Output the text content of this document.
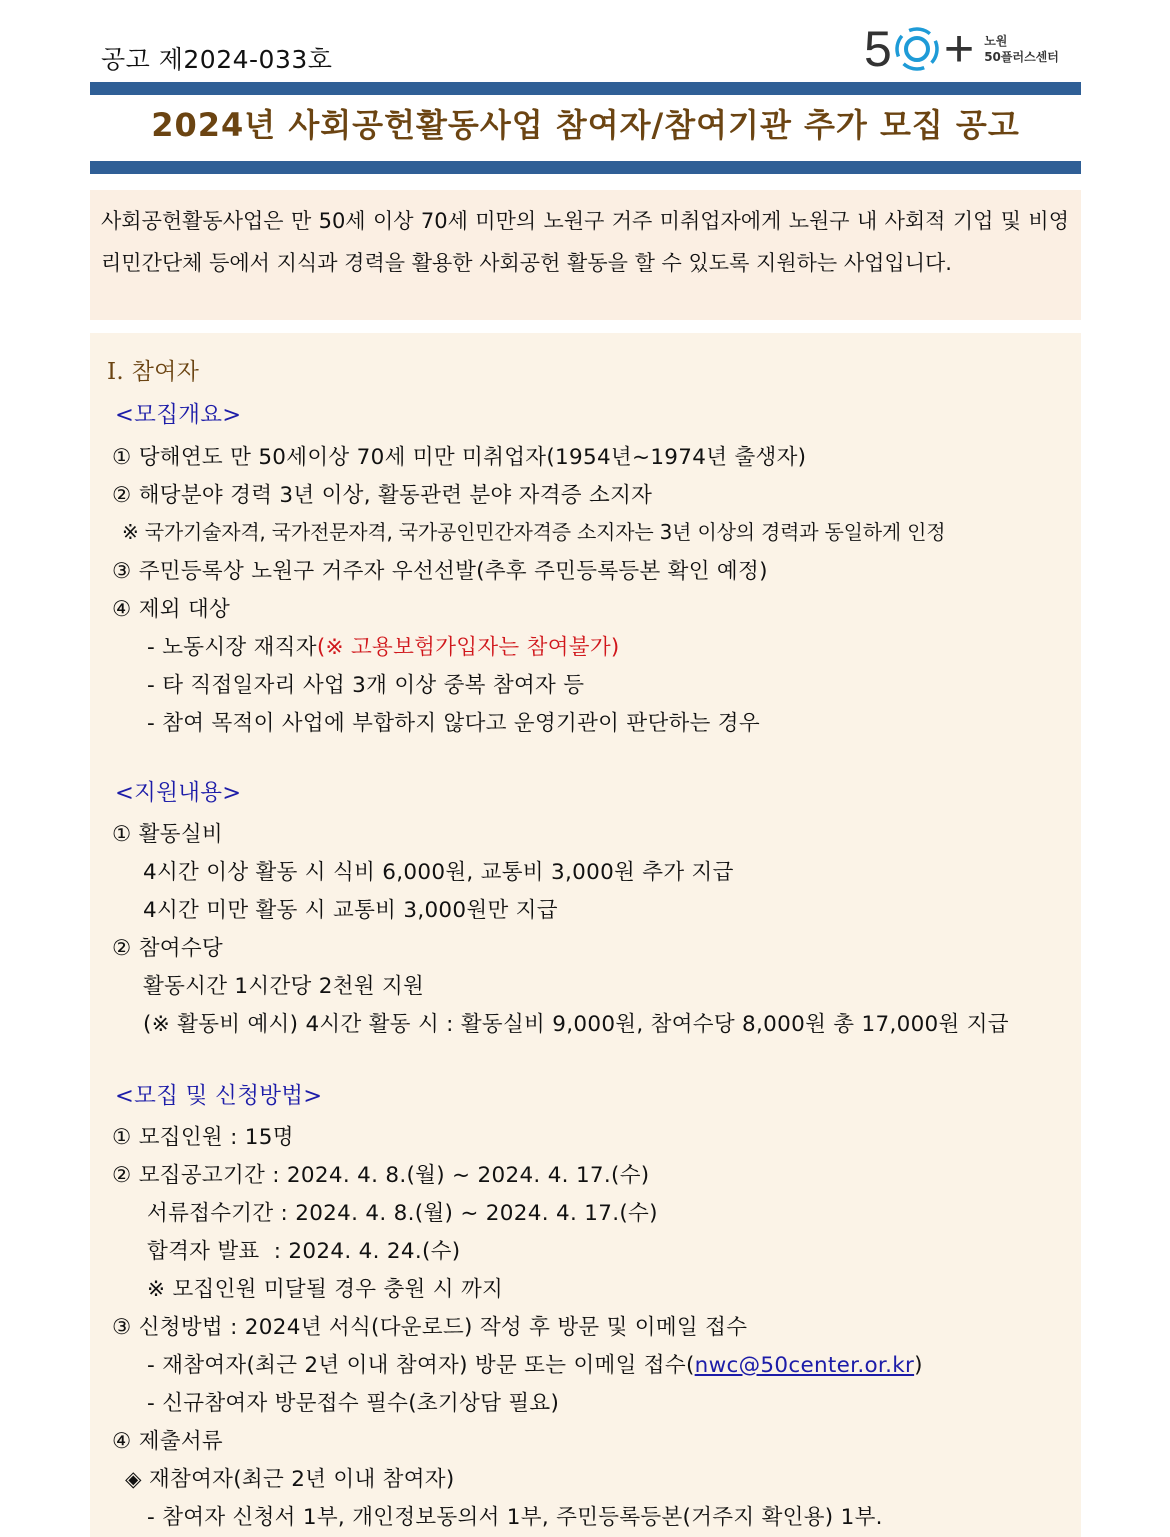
공고 제2024-033호	5 + 노원
50플러스센터
2024년 사회공헌활동사업 참여자/참여기관 추가 모집 공고

사회공헌활동사업은 만 50세 이상 70세 미만의 노원구 거주 미취업자에게 노원구 내 사회적 기업 및 비영리민간단체 등에서 지식과 경력을 활용한 사회공헌 활동을 할 수 있도록 지원하는 사업입니다.

Ⅰ. 참여자
<모집개요>
① 당해연도 만 50세이상 70세 미만 미취업자(1954년~1974년 출생자)
② 해당분야 경력 3년 이상, 활동관련 분야 자격증 소지자
※ 국가기술자격, 국가전문자격, 국가공인민간자격증 소지자는 3년 이상의 경력과 동일하게 인정
③ 주민등록상 노원구 거주자 우선선발(추후 주민등록등본 확인 예정)
④ 제외 대상
- 노동시장 재직자(※ 고용보험가입자는 참여불가)
- 타 직접일자리 사업 3개 이상 중복 참여자 등
- 참여 목적이 사업에 부합하지 않다고 운영기관이 판단하는 경우
<지원내용>
① 활동실비
4시간 이상 활동 시 식비 6,000원, 교통비 3,000원 추가 지급
4시간 미만 활동 시 교통비 3,000원만 지급
② 참여수당
활동시간 1시간당 2천원 지원
(※ 활동비 예시) 4시간 활동 시 : 활동실비 9,000원, 참여수당 8,000원 총 17,000원 지급
<모집 및 신청방법>
① 모집인원 : 15명
② 모집공고기간 : 2024. 4. 8.(월) ~ 2024. 4. 17.(수)
서류접수기간 : 2024. 4. 8.(월) ~ 2024. 4. 17.(수)
합격자 발표  : 2024. 4. 24.(수)
※ 모집인원 미달될 경우 충원 시 까지
③ 신청방법 : 2024년 서식(다운로드) 작성 후 방문 및 이메일 접수
- 재참여자(최근 2년 이내 참여자) 방문 또는 이메일 접수(nwc@50center.or.kr)
- 신규참여자 방문접수 필수(초기상담 필요)
④ 제출서류
◈ 재참여자(최근 2년 이내 참여자)
- 참여자 신청서 1부, 개인정보동의서 1부, 주민등록등본(거주지 확인용) 1부.
